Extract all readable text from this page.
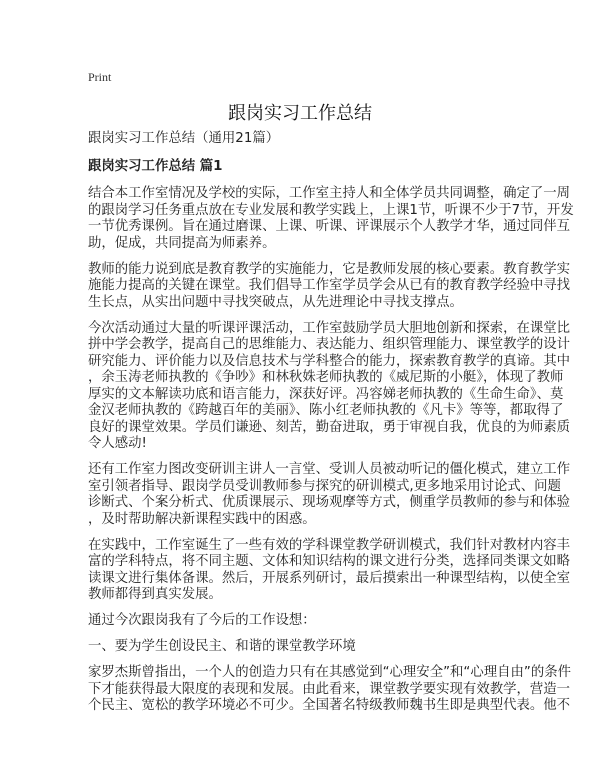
Print
跟岗实习工作总结
跟岗实习工作总结（通用21篇）
跟岗实习工作总结 篇1
结合本工作室情况及学校的实际，工作室主持人和全体学员共同调整，确定了一周
的跟岗学习任务重点放在专业发展和教学实践上，上课1节，听课不少于7节，开发
一节优秀课例。旨在通过磨课、上课、听课、评课展示个人教学才华，通过同伴互
助，促成，共同提高为师素养。
教师的能力说到底是教育教学的实施能力，它是教师发展的核心要素。教育教学实
施能力提高的关键在课堂。我们倡导工作室学员学会从已有的教育教学经验中寻找
生长点，从实出问题中寻找突破点，从先进理论中寻找支撑点。
今次活动通过大量的听课评课活动，工作室鼓励学员大胆地创新和探索，在课堂比
拼中学会教学，提高自己的思维能力、表达能力、组织管理能力、课堂教学的设计
研究能力、评价能力以及信息技术与学科整合的能力，探索教育教学的真谛。其中
，余玉涛老师执教的《争吵》和林秋姝老师执教的《威尼斯的小艇》，体现了教师
厚实的文本解读功底和语言能力，深获好评。冯容娣老师执教的《生命生命》、莫
金汉老师执教的《跨越百年的美丽》、陈小红老师执教的《凡卡》等等，都取得了
良好的课堂效果。学员们谦逊、刻苦，勤奋进取，勇于审视自我，优良的为师素质
令人感动!
还有工作室力图改变研训主讲人一言堂、受训人员被动听记的僵化模式，建立工作
室引领者指导、跟岗学员受训教师参与探究的研训模式,更多地采用讨论式、问题
诊断式、个案分析式、优质课展示、现场观摩等方式，侧重学员教师的参与和体验
，及时帮助解决新课程实践中的困惑。
在实践中，工作室诞生了一些有效的学科课堂教学研训模式，我们针对教材内容丰
富的学科特点，将不同主题、文体和知识结构的课文进行分类，选择同类课文如略
读课文进行集体备课。然后，开展系列研讨，最后摸索出一种课型结构，以使全室
教师都得到真实发展。
通过今次跟岗我有了今后的工作设想：
一、要为学生创设民主、和谐的课堂教学环境
家罗杰斯曾指出，一个人的创造力只有在其感觉到“心理安全”和“心理自由”的条件
下才能获得最大限度的表现和发展。由此看来，课堂教学要实现有效教学，营造一
个民主、宽松的教学环境必不可少。全国著名特级教师魏书生即是典型代表。他不
